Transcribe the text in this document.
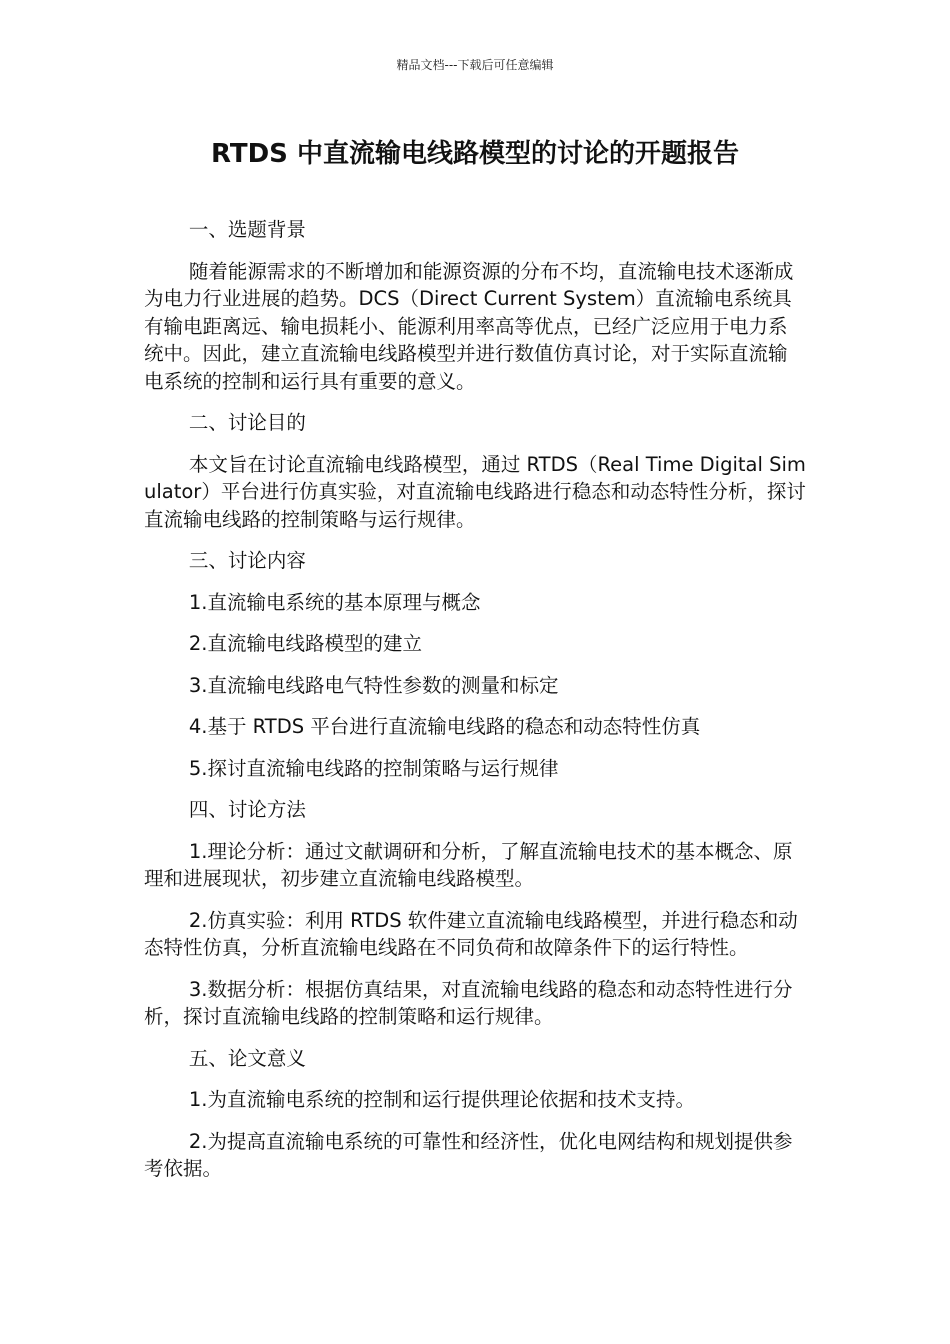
精品文档---下载后可任意编辑
RTDS 中直流输电线路模型的讨论的开题报告

一、选题背景

随着能源需求的不断增加和能源资源的分布不均，直流输电技术逐渐成为电力行业进展的趋势。DCS（Direct Current System）直流输电系统具有输电距离远、输电损耗小、能源利用率高等优点，已经广泛应用于电力系统中。因此，建立直流输电线路模型并进行数值仿真讨论，对于实际直流输电系统的控制和运行具有重要的意义。

二、讨论目的

本文旨在讨论直流输电线路模型，通过 RTDS（Real Time Digital Simulator）平台进行仿真实验，对直流输电线路进行稳态和动态特性分析，探讨直流输电线路的控制策略与运行规律。

三、讨论内容

1.直流输电系统的基本原理与概念

2.直流输电线路模型的建立

3.直流输电线路电气特性参数的测量和标定

4.基于 RTDS 平台进行直流输电线路的稳态和动态特性仿真

5.探讨直流输电线路的控制策略与运行规律

四、讨论方法

1.理论分析：通过文献调研和分析，了解直流输电技术的基本概念、原理和进展现状，初步建立直流输电线路模型。

2.仿真实验：利用 RTDS 软件建立直流输电线路模型，并进行稳态和动态特性仿真，分析直流输电线路在不同负荷和故障条件下的运行特性。

3.数据分析：根据仿真结果，对直流输电线路的稳态和动态特性进行分析，探讨直流输电线路的控制策略和运行规律。

五、论文意义

1.为直流输电系统的控制和运行提供理论依据和技术支持。

2.为提高直流输电系统的可靠性和经济性，优化电网结构和规划提供参考依据。
